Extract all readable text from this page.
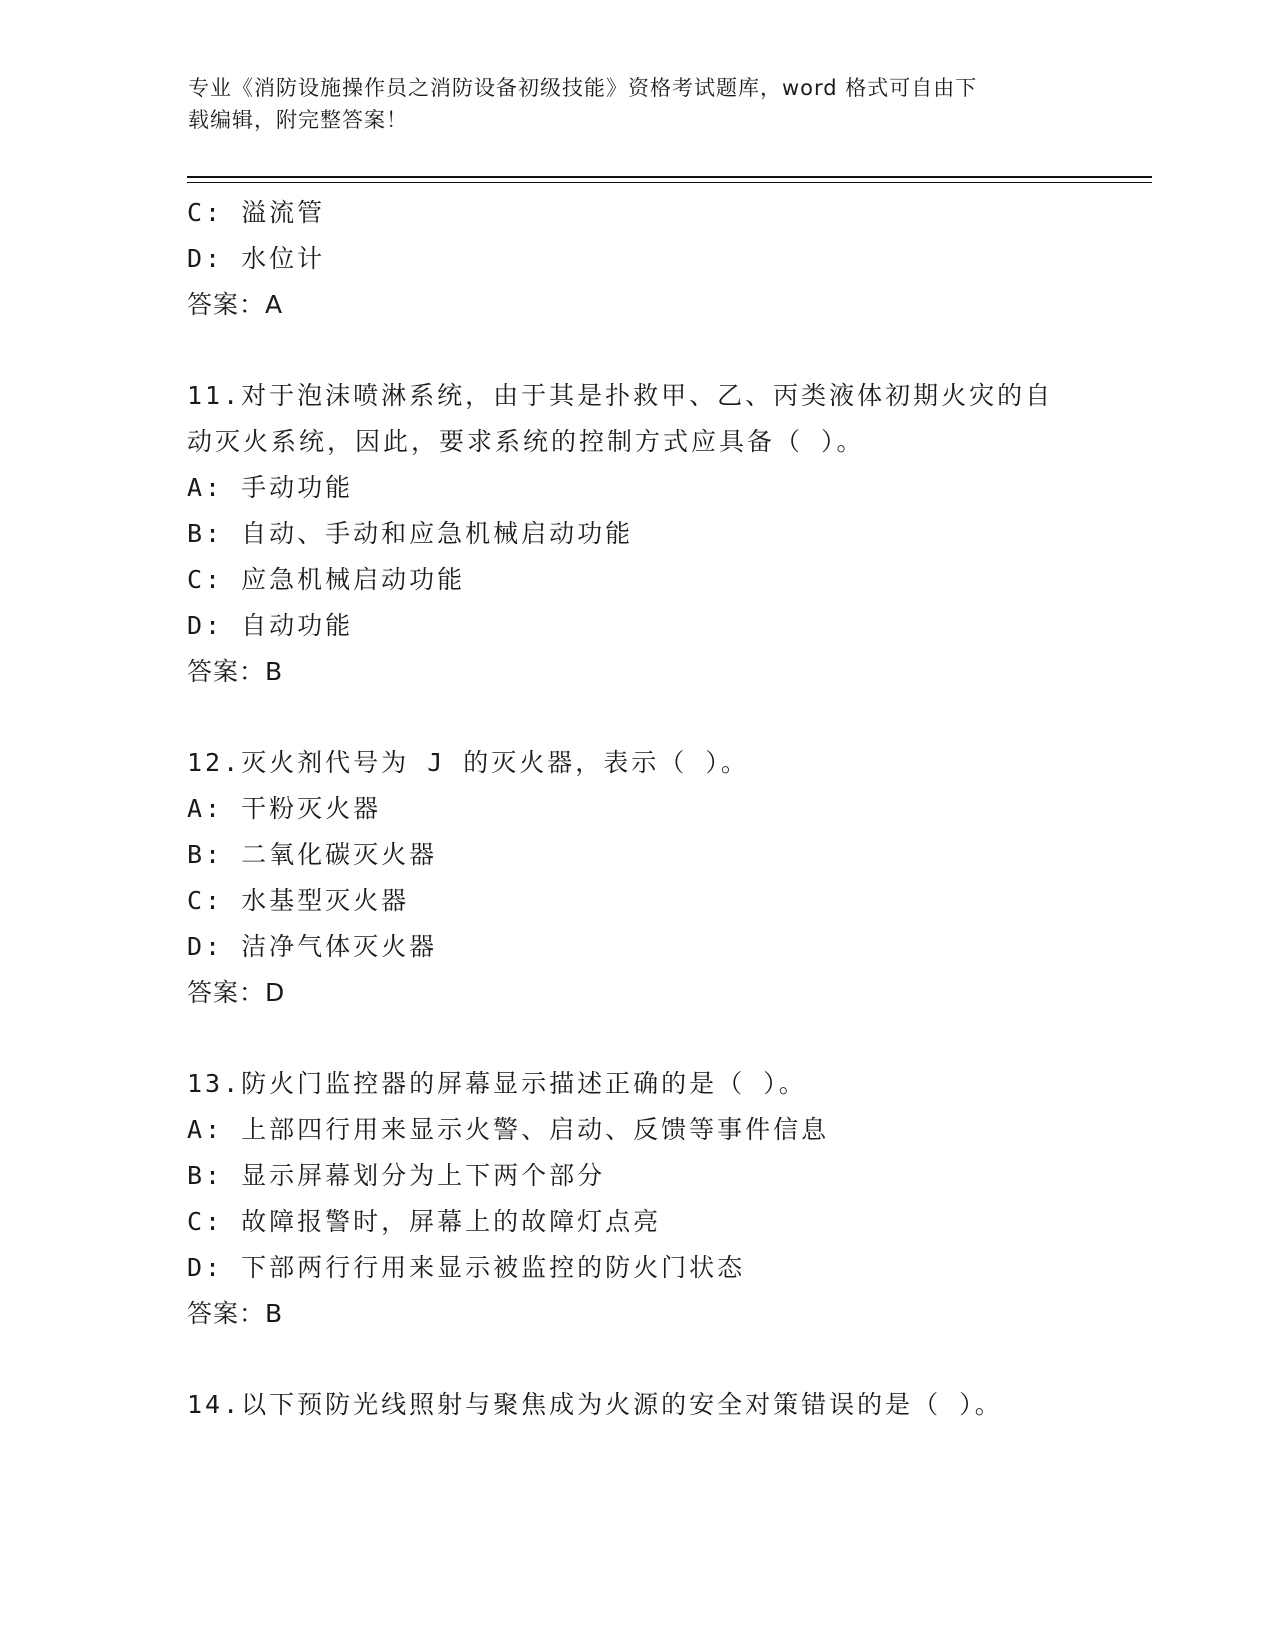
专业《消防设施操作员之消防设备初级技能》资格考试题库，word 格式可自由下
载编辑，附完整答案！
C: 溢流管
D: 水位计
答案：A
11.对于泡沫喷淋系统，由于其是扑救甲、乙、丙类液体初期火灾的自
动灭火系统，因此，要求系统的控制方式应具备（ ）。
A: 手动功能
B: 自动、手动和应急机械启动功能
C: 应急机械启动功能
D: 自动功能
答案：B
12.灭火剂代号为 J 的灭火器，表示（ ）。
A: 干粉灭火器
B: 二氧化碳灭火器
C: 水基型灭火器
D: 洁净气体灭火器
答案：D
13.防火门监控器的屏幕显示描述正确的是（ ）。
A: 上部四行用来显示火警、启动、反馈等事件信息
B: 显示屏幕划分为上下两个部分
C: 故障报警时，屏幕上的故障灯点亮
D: 下部两行行用来显示被监控的防火门状态
答案：B
14.以下预防光线照射与聚焦成为火源的安全对策错误的是（ ）。
